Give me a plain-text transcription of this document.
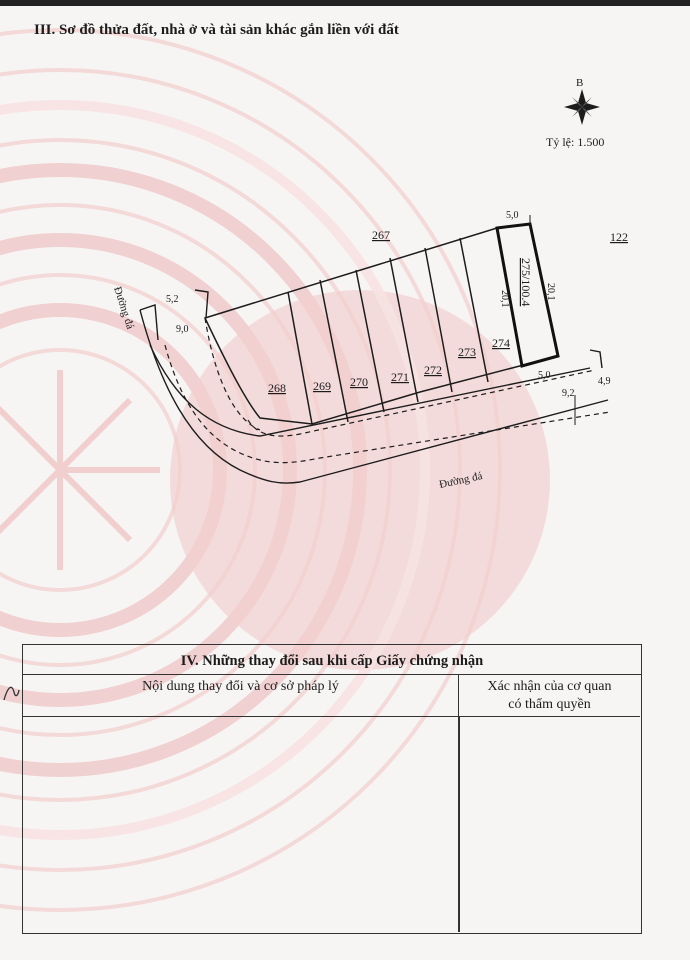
III. Sơ đồ thửa đất, nhà ở và tài sản khác gắn liền với đất
B
Tỷ lệ: 1.500
267	122
268 269 270 271 272
273
274
275/100.4 20,1
20,1
5,0
5,0
9,2
4,9
5,2
9,0
Đường đá
Đường đá
IV. Những thay đổi sau khi cấp Giấy chứng nhận
Nội dung thay đổi và cơ sở pháp lý	Xác nhận của cơ quan
có thẩm quyền
